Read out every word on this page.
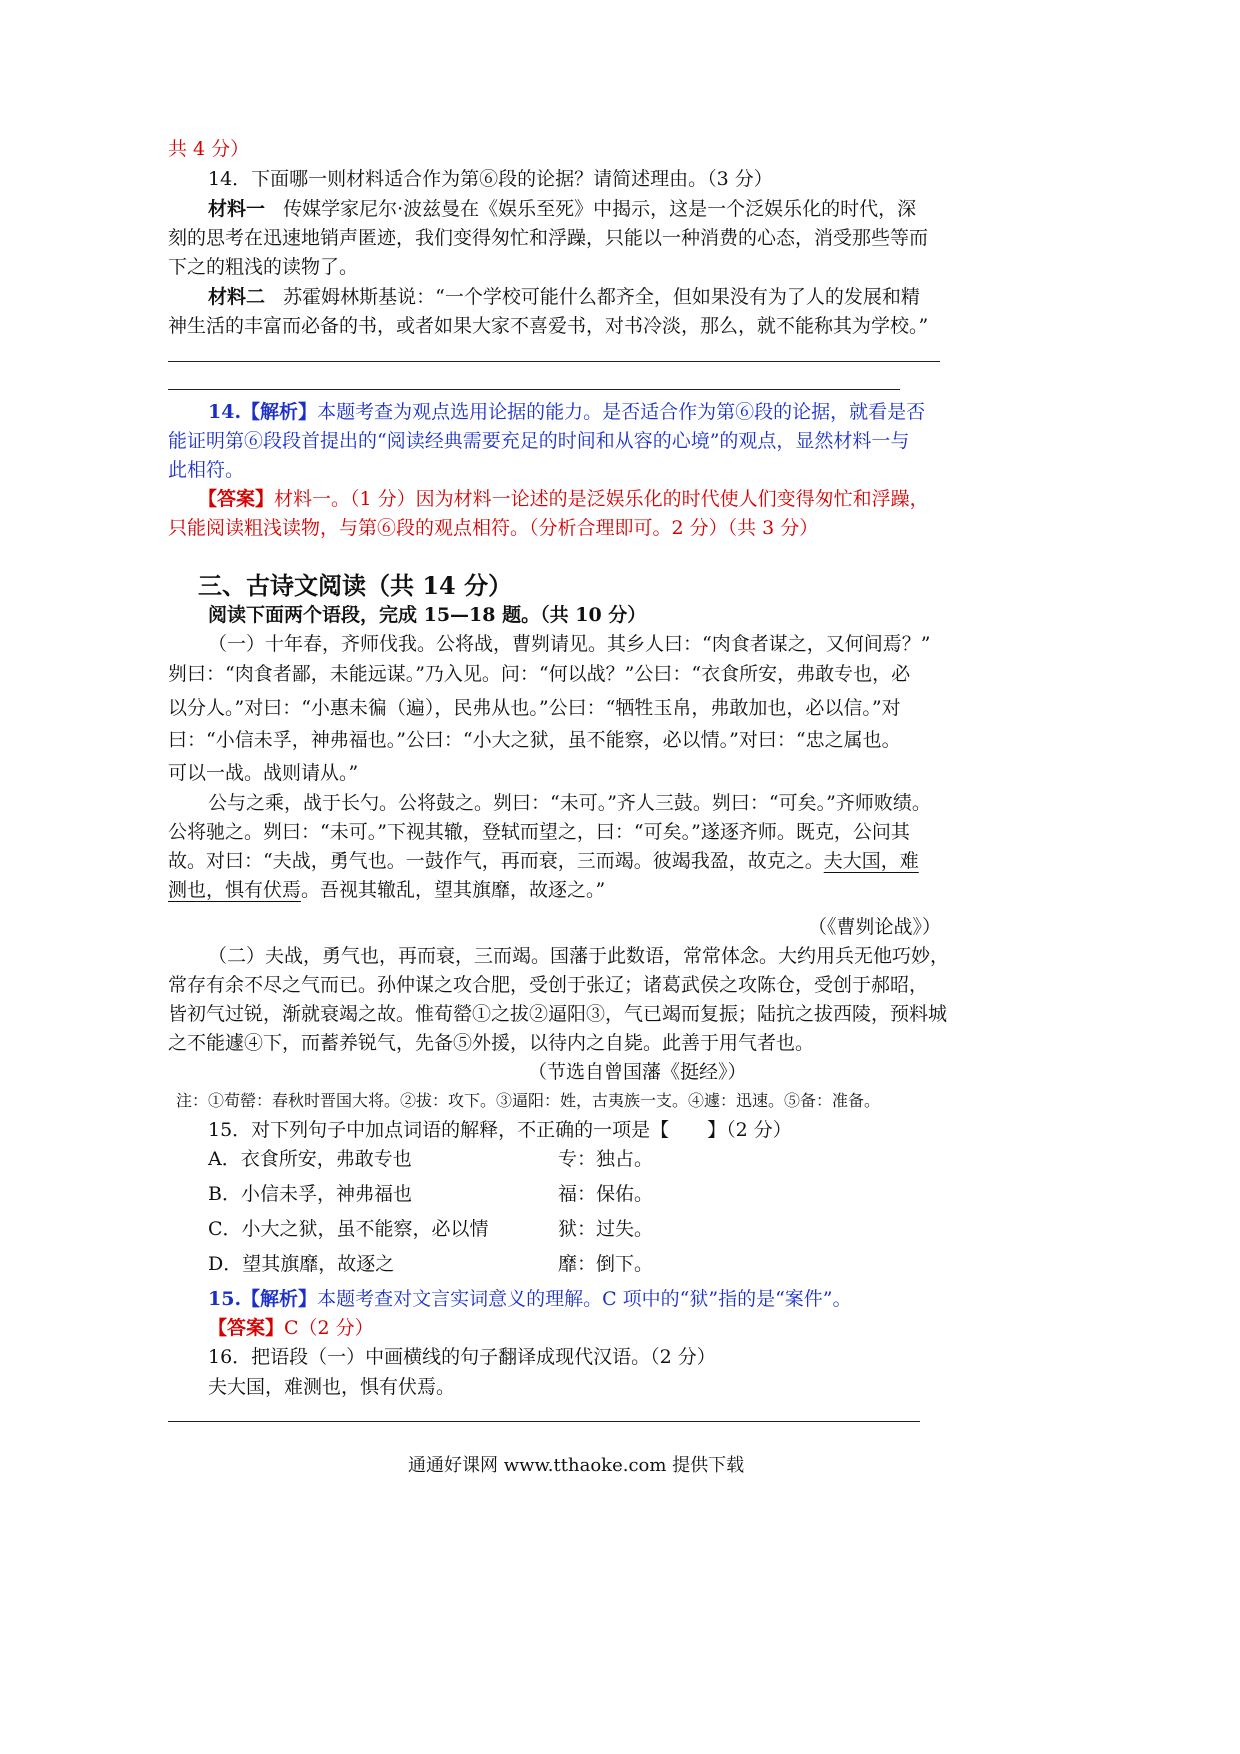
共 4 分）
14．下面哪一则材料适合作为第⑥段的论据？请简述理由。（3 分）
材料一 传媒学家尼尔·波兹曼在《娱乐至死》中揭示，这是一个泛娱乐化的时代，深
刻的思考在迅速地销声匿迹，我们变得匆忙和浮躁，只能以一种消费的心态，消受那些等而
下之的粗浅的读物了。
材料二 苏霍姆林斯基说：“一个学校可能什么都齐全，但如果没有为了人的发展和精
神生活的丰富而必备的书，或者如果大家不喜爱书，对书冷淡，那么，就不能称其为学校。”
14.【解析】本题考查为观点选用论据的能力。是否适合作为第⑥段的论据，就看是否
能证明第⑥段段首提出的“阅读经典需要充足的时间和从容的心境”的观点，显然材料一与
此相符。
【答案】材料一。（1 分）因为材料一论述的是泛娱乐化的时代使人们变得匆忙和浮躁，
只能阅读粗浅读物，与第⑥段的观点相符。（分析合理即可。2 分）（共 3 分）
三、古诗文阅读（共 14 分）
阅读下面两个语段，完成 15—18 题。（共 10 分）
（一）十年春，齐师伐我。公将战，曹刿请见。其乡人曰：“肉食者谋之，又何间焉？”
刿曰：“肉食者鄙，未能远谋。”乃入见。问：“何以战？”公曰：“衣食所安，弗敢专也，必
以分人。”对曰：“小惠未徧（遍），民弗从也。”公曰：“牺牲玉帛，弗敢加也，必以信。”对
曰：“小信未孚，神弗福也。”公曰：“小大之狱，虽不能察，必以情。”对曰：“忠之属也。
可以一战。战则请从。”
公与之乘，战于长勺。公将鼓之。刿曰：“未可。”齐人三鼓。刿曰：“可矣。”齐师败绩。
公将驰之。刿曰：“未可。”下视其辙，登轼而望之，曰：“可矣。”遂逐齐师。既克，公问其
故。对曰：“夫战，勇气也。一鼓作气，再而衰，三而竭。彼竭我盈，故克之。夫大国，难
测也，惧有伏焉。吾视其辙乱，望其旗靡，故逐之。”
（《曹刿论战》）
（二）夫战，勇气也，再而衰，三而竭。国藩于此数语，常常体念。大约用兵无他巧妙，
常存有余不尽之气而已。孙仲谋之攻合肥，受创于张辽；诸葛武侯之攻陈仓，受创于郝昭，
皆初气过锐，渐就衰竭之故。惟荀罃①之拔②逼阳③，气已竭而复振；陆抗之拔西陵，预料城
之不能遽④下，而蓄养锐气，先备⑤外援，以待内之自毙。此善于用气者也。
（节选自曾国藩《挺经》）
注：①荀罃：春秋时晋国大将。②拔：攻下。③逼阳：姓，古夷族一支。④遽：迅速。⑤备：准备。
15．对下列句子中加点词语的解释，不正确的一项是【　　】（2 分）
A．衣食所安，弗敢专也	专：独占。
B．小信未孚，神弗福也	福：保佑。
C．小大之狱，虽不能察，必以情	狱：过失。
D．望其旗靡，故逐之	靡：倒下。
15.【解析】本题考查对文言实词意义的理解。C 项中的“狱”指的是“案件”。
【答案】C（2 分）
16．把语段（一）中画横线的句子翻译成现代汉语。（2 分）
夫大国，难测也，惧有伏焉。
通通好课网 www.tthaoke.com 提供下载
